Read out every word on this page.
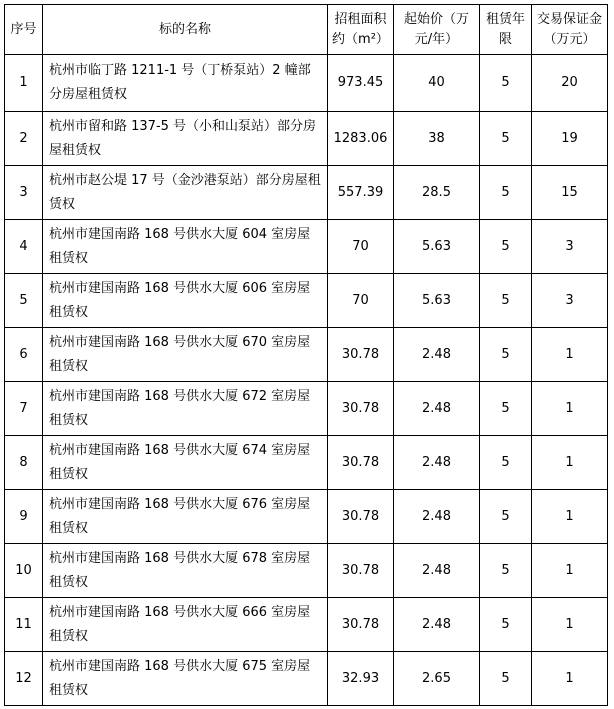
序号	标的名称	招租面积约（m²）	起始价（万元/年）	租赁年限	交易保证金（万元）
1	杭州市临丁路 1211-1 号（丁桥泵站）2 幢部分房屋租赁权	973.45	40	5	20
2	杭州市留和路 137-5 号（小和山泵站）部分房屋租赁权	1283.06	38	5	19
3	杭州市赵公堤 17 号（金沙港泵站）部分房屋租赁权	557.39	28.5	5	15
4	杭州市建国南路 168 号供水大厦 604 室房屋租赁权	70	5.63	5	3
5	杭州市建国南路 168 号供水大厦 606 室房屋租赁权	70	5.63	5	3
6	杭州市建国南路 168 号供水大厦 670 室房屋租赁权	30.78	2.48	5	1
7	杭州市建国南路 168 号供水大厦 672 室房屋租赁权	30.78	2.48	5	1
8	杭州市建国南路 168 号供水大厦 674 室房屋租赁权	30.78	2.48	5	1
9	杭州市建国南路 168 号供水大厦 676 室房屋租赁权	30.78	2.48	5	1
10	杭州市建国南路 168 号供水大厦 678 室房屋租赁权	30.78	2.48	5	1
11	杭州市建国南路 168 号供水大厦 666 室房屋租赁权	30.78	2.48	5	1
12	杭州市建国南路 168 号供水大厦 675 室房屋租赁权	32.93	2.65	5	1
